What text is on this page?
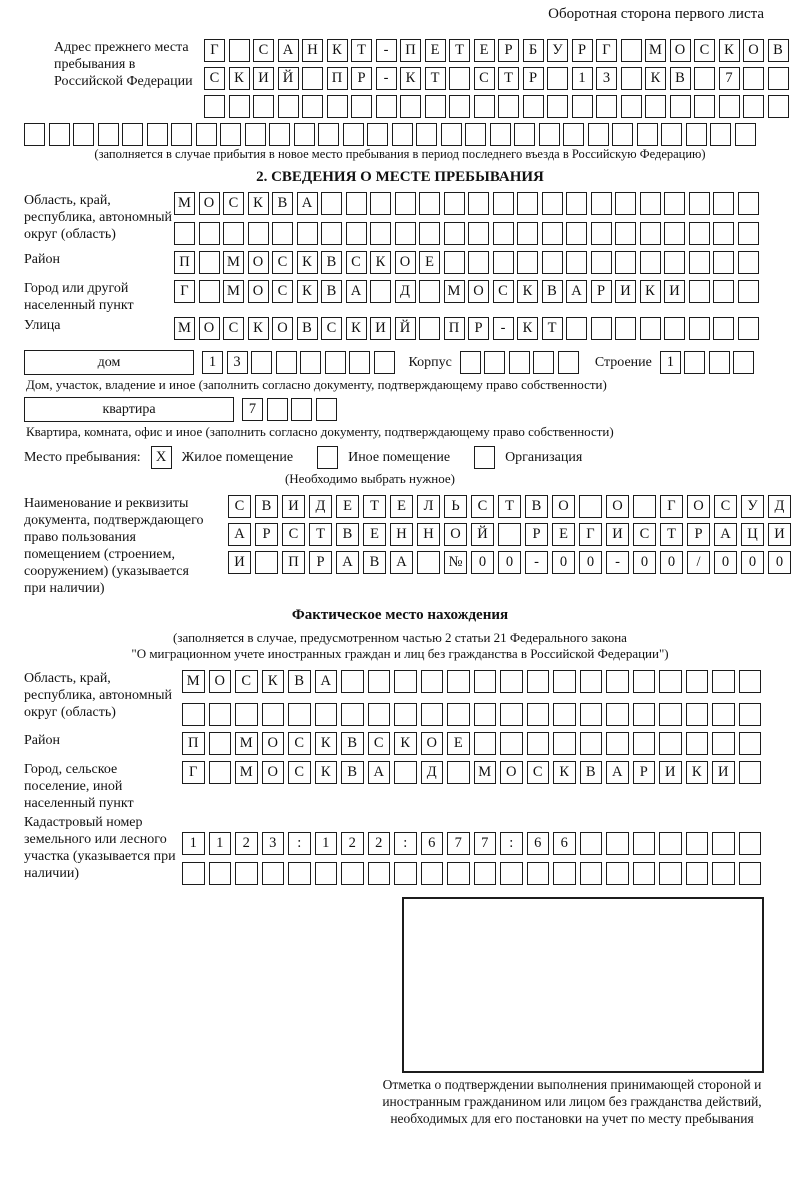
Оборотная сторона первого листа
Адрес прежнего места пребывания в Российской Федерации
Г	С А Н К	Т	-	П	Е	Т	Е	Р	Б	У	Р	Г	М О С	К О В
С	К И Й	П	Р	-	К	Т	С	Т	Р	1	3	К	В	7
(заполняется в случае прибытия в новое место пребывания в период последнего въезда в Российскую Федерацию)
2. СВЕДЕНИЯ О МЕСТЕ ПРЕБЫВАНИЯ
Область, край, республика, автономный округ (область)
М О С	К	В А
Район	П	М О С	К	В	С	К О	Е
Город или другой населенный пункт
Г	М О С	К	В А	Д	М О С	К	В А	Р	И К И
Улица	М О С	К О В	С	К И Й	П	Р	-	К	Т
дом	1	3	Корпус	Строение	1
Дом, участок, владение и иное (заполнить согласно документу, подтверждающему право собственности)
квартира	7
Квартира, комната, офис и иное (заполнить согласно документу, подтверждающему право собственности)
Место пребывания:	X	Жилое помещение	Иное помещение	Организация
(Необходимо выбрать нужное)
Наименование и реквизиты документа, подтверждающего право пользования помещением (строением, сооружением) (указывается при наличии)
С	В	И	Д	Е	Т	Е	Л	Ь	С	Т	В	О	О	Г	О	С	У	Д
А	Р	С	Т	В	Е	Н	Н	О	Й	Р	Е	Г	И	С	Т	Р	А	Ц	И
И	П	Р	А	В	А	№	0	0	-	0	0	-	0	0	/	0	0	0
Фактическое место нахождения
(заполняется в случае, предусмотренном частью 2 статьи 21 Федерального закона
"О миграционном учете иностранных граждан и лиц без гражданства в Российской Федерации")
Область, край, республика, автономный округ (область)
М	О	С	К	В	А
Район	П	М	О	С	К	В	С	К	О	Е
Город, сельское поселение, иной населенный пункт
Г	М	О	С	К	В	А	Д	М	О	С	К	В	А	Р	И	К	И
Кадастровый номер земельного или лесного участка (указывается при наличии)
1	1	2	3	:	1	2	2	:	6	7	7	:	6	6
Отметка о подтверждении выполнения принимающей стороной и иностранным гражданином или лицом без гражданства действий, необходимых для его постановки на учет по месту пребывания
